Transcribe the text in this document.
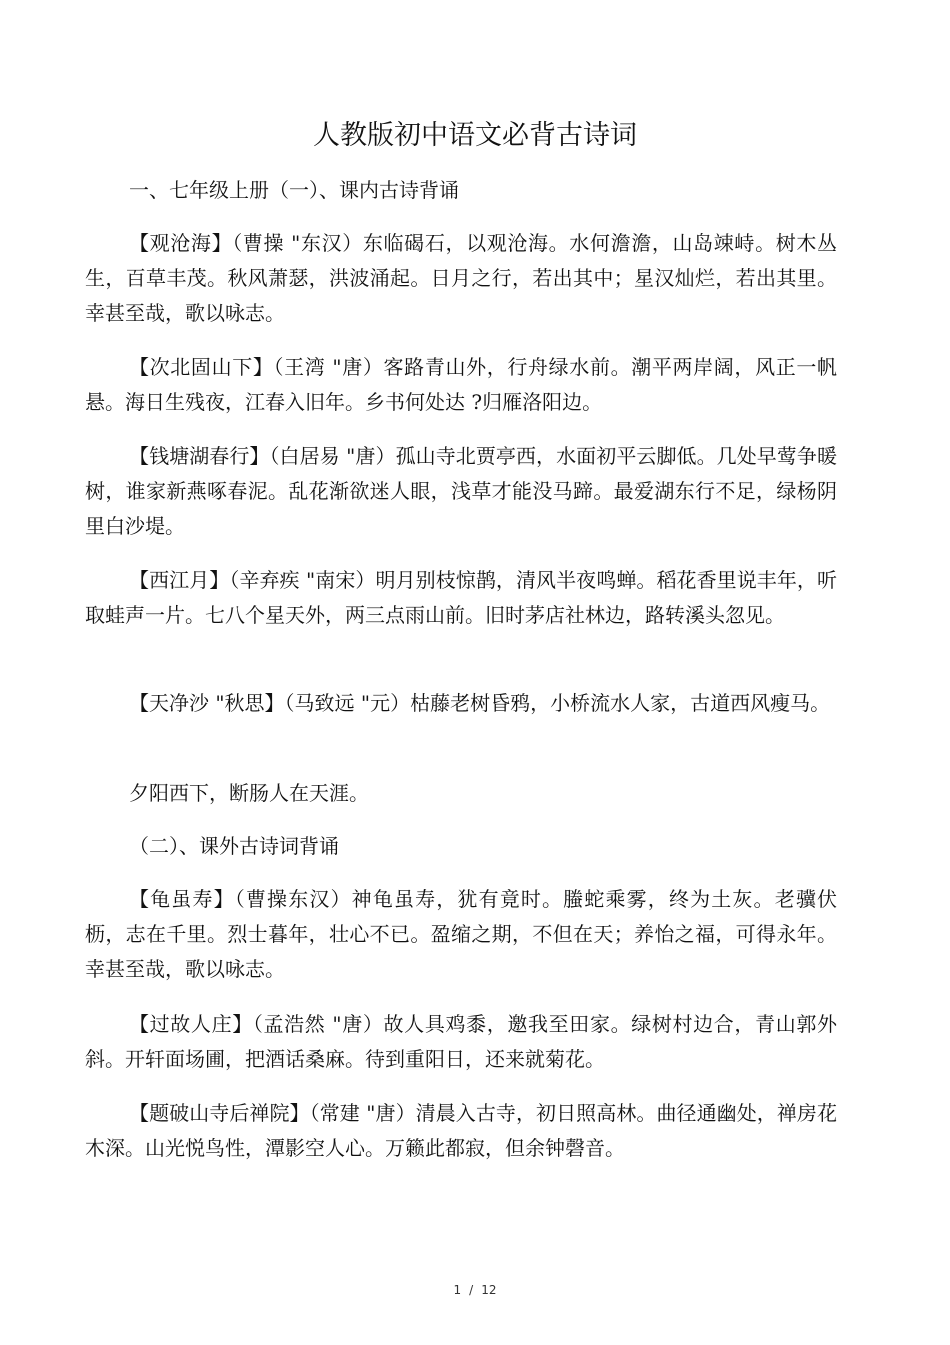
人教版初中语文必背古诗词

一、七年级上册（一）、课内古诗背诵

【观沧海】（曹操 "东汉）东临碣石，以观沧海。水何澹澹，山岛竦峙。树木丛生，百草丰茂。秋风萧瑟，洪波涌起。日月之行，若出其中；星汉灿烂，若出其里。幸甚至哉，歌以咏志。

【次北固山下】（王湾 "唐）客路青山外，行舟绿水前。潮平两岸阔，风正一帆悬。海日生残夜，江春入旧年。乡书何处达 ?归雁洛阳边。

【钱塘湖春行】（白居易 "唐）孤山寺北贾亭西，水面初平云脚低。几处早莺争暖树，谁家新燕啄春泥。乱花渐欲迷人眼，浅草才能没马蹄。最爱湖东行不足，绿杨阴里白沙堤。

【西江月】（辛弃疾 "南宋）明月别枝惊鹊，清风半夜鸣蝉。稻花香里说丰年，听取蛙声一片。七八个星天外，两三点雨山前。旧时茅店社林边，路转溪头忽见。

【天净沙 "秋思】（马致远 "元）枯藤老树昏鸦，小桥流水人家，古道西风瘦马。

夕阳西下，断肠人在天涯。

（二）、课外古诗词背诵

【龟虽寿】（曹操东汉）神龟虽寿，犹有竟时。螣蛇乘雾，终为土灰。老骥伏枥，志在千里。烈士暮年，壮心不已。盈缩之期，不但在天；养怡之福，可得永年。幸甚至哉，歌以咏志。

【过故人庄】（孟浩然 "唐）故人具鸡黍，邀我至田家。绿树村边合，青山郭外斜。开轩面场圃，把酒话桑麻。待到重阳日，还来就菊花。

【题破山寺后禅院】（常建 "唐）清晨入古寺，初日照高林。曲径通幽处，禅房花木深。山光悦鸟性，潭影空人心。万籁此都寂，但余钟磬音。

1 / 12
